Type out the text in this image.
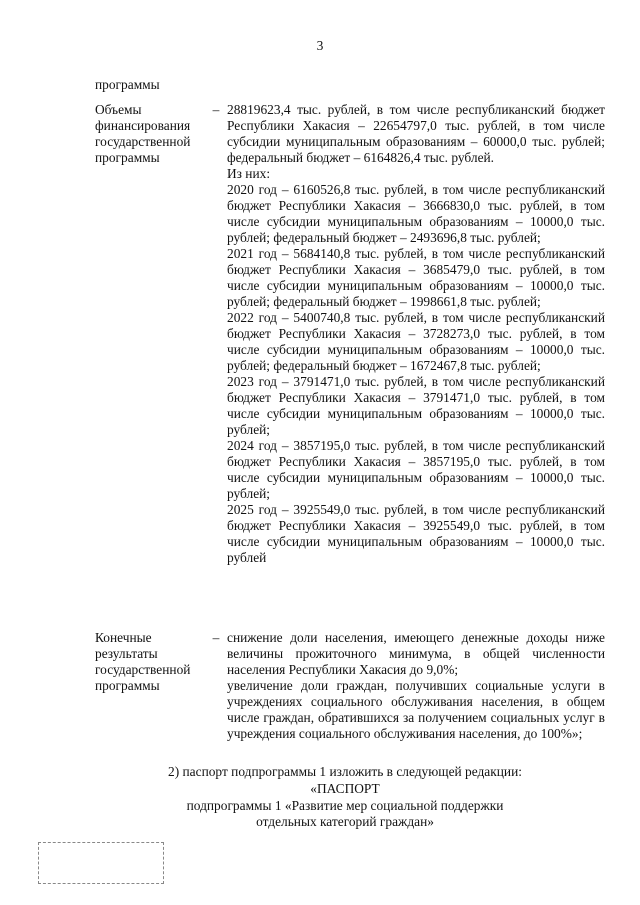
3
программы
Объемы
финансирования
государственной
программы
– 28819623,4 тыс. рублей, в том числе республиканский бюджет Республики Хакасия – 22654797,0 тыс. рублей, в том числе субсидии муниципальным образованиям – 60000,0 тыс. рублей; федеральный бюджет – 6164826,4 тыс. рублей.

Из них:

2020 год – 6160526,8 тыс. рублей, в том числе республиканский бюджет Республики Хакасия – 3666830,0 тыс. рублей, в том числе субсидии муниципальным образованиям – 10000,0 тыс. рублей; федеральный бюджет – 2493696,8 тыс. рублей;

2021 год – 5684140,8 тыс. рублей, в том числе республиканский бюджет Республики Хакасия – 3685479,0 тыс. рублей, в том числе субсидии муниципальным образованиям – 10000,0 тыс. рублей; федеральный бюджет – 1998661,8 тыс. рублей;

2022 год – 5400740,8 тыс. рублей, в том числе республиканский бюджет Республики Хакасия – 3728273,0 тыс. рублей, в том числе субсидии муниципальным образованиям – 10000,0 тыс. рублей; федеральный бюджет – 1672467,8 тыс. рублей;

2023 год – 3791471,0 тыс. рублей, в том числе республиканский бюджет Республики Хакасия – 3791471,0 тыс. рублей, в том числе субсидии муниципальным образованиям – 10000,0 тыс. рублей;

2024 год – 3857195,0 тыс. рублей, в том числе республиканский бюджет Республики Хакасия – 3857195,0 тыс. рублей, в том числе субсидии муниципальным образованиям – 10000,0 тыс. рублей;

2025 год – 3925549,0 тыс. рублей, в том числе республиканский бюджет Республики Хакасия – 3925549,0 тыс. рублей, в том числе субсидии муниципальным образованиям – 10000,0 тыс. рублей

Конечные
результаты
государственной
программы
– снижение доли населения, имеющего денежные доходы ниже величины прожиточного минимума, в общей численности населения Республики Хакасия до 9,0%;

увеличение доли граждан, получивших социальные услуги в учреждениях социального обслуживания населения, в общем числе граждан, обратившихся за получением социальных услуг в учреждения социального обслуживания населения, до 100%»;

2) паспорт подпрограммы 1 изложить в следующей редакции:
«ПАСПОРТ
подпрограммы 1 «Развитие мер социальной поддержки
отдельных категорий граждан»
